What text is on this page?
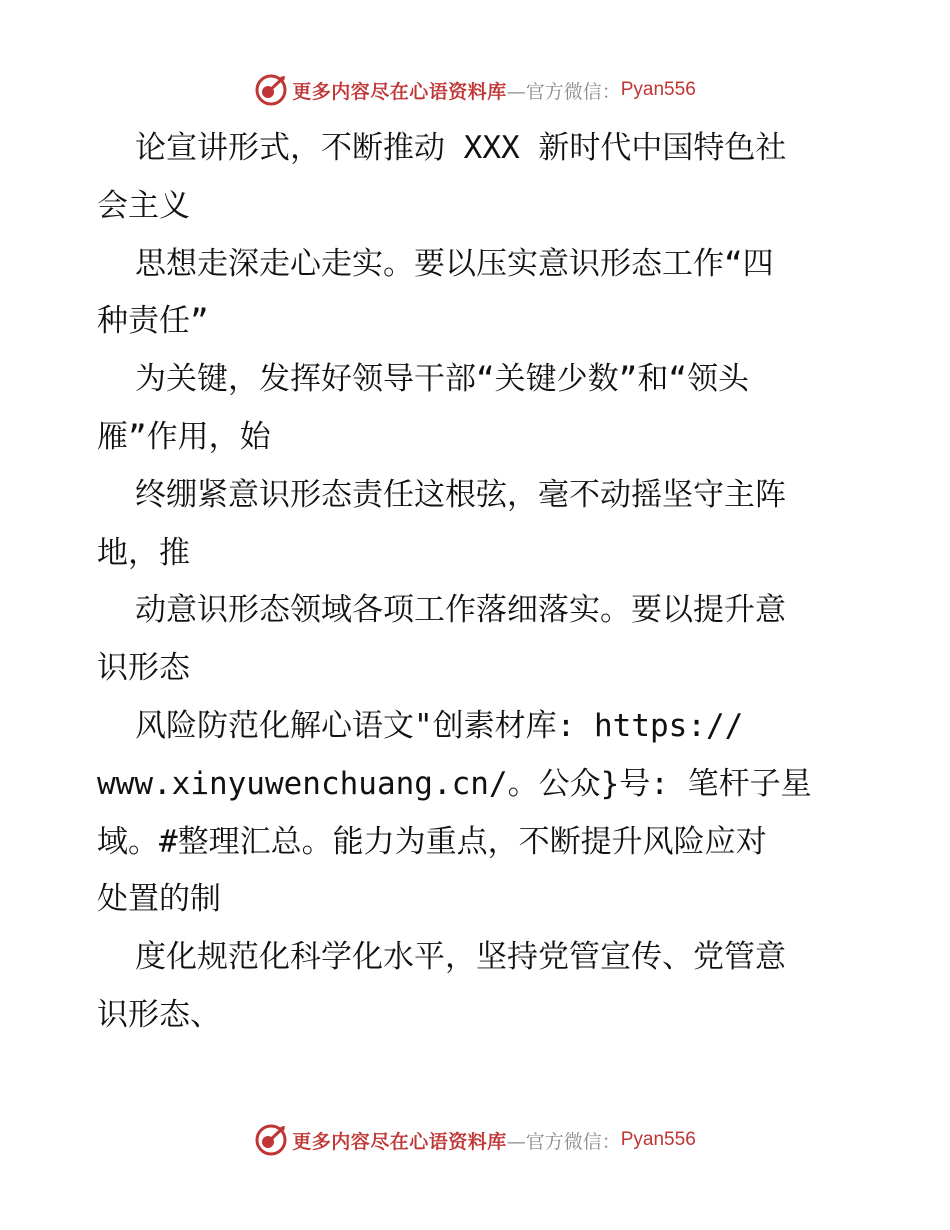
更多内容尽在心语资料库 —官方微信： Pyan556
论宣讲形式，不断推动 XXX 新时代中国特色社
会主义
思想走深走心走实。要以压实意识形态工作“四
种责任”
为关键，发挥好领导干部“关键少数”和“领头
雁”作用，始
终绷紧意识形态责任这根弦，毫不动摇坚守主阵
地，推
动意识形态领域各项工作落细落实。要以提升意
识形态
风险防范化解心语文"创素材库: https://
www.xinyuwenchuang.cn/。公众}号: 笔杆子星
域。#整理汇总。能力为重点，不断提升风险应对
处置的制
度化规范化科学化水平，坚持党管宣传、党管意
识形态、
更多内容尽在心语资料库 —官方微信： Pyan556
